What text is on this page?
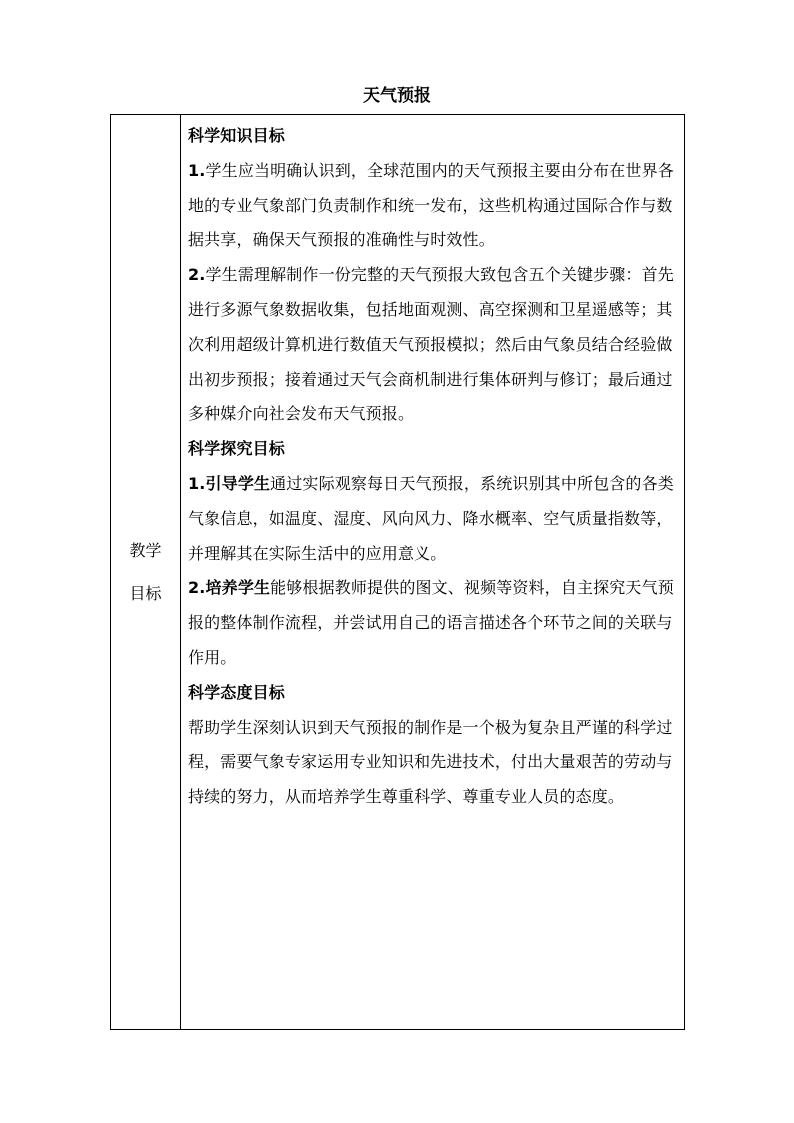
天气预报
教学
目标

科学知识目标

1.学生应当明确认识到，全球范围内的天气预报主要由分布在世界各地的专业气象部门负责制作和统一发布，这些机构通过国际合作与数据共享，确保天气预报的准确性与时效性。

2.学生需理解制作一份完整的天气预报大致包含五个关键步骤：首先进行多源气象数据收集，包括地面观测、高空探测和卫星遥感等；其次利用超级计算机进行数值天气预报模拟；然后由气象员结合经验做出初步预报；接着通过天气会商机制进行集体研判与修订；最后通过多种媒介向社会发布天气预报。

科学探究目标

1.引导学生通过实际观察每日天气预报，系统识别其中所包含的各类气象信息，如温度、湿度、风向风力、降水概率、空气质量指数等，并理解其在实际生活中的应用意义。

2.培养学生能够根据教师提供的图文、视频等资料，自主探究天气预报的整体制作流程，并尝试用自己的语言描述各个环节之间的关联与作用。

科学态度目标

帮助学生深刻认识到天气预报的制作是一个极为复杂且严谨的科学过程，需要气象专家运用专业知识和先进技术，付出大量艰苦的劳动与持续的努力，从而培养学生尊重科学、尊重专业人员的态度。
